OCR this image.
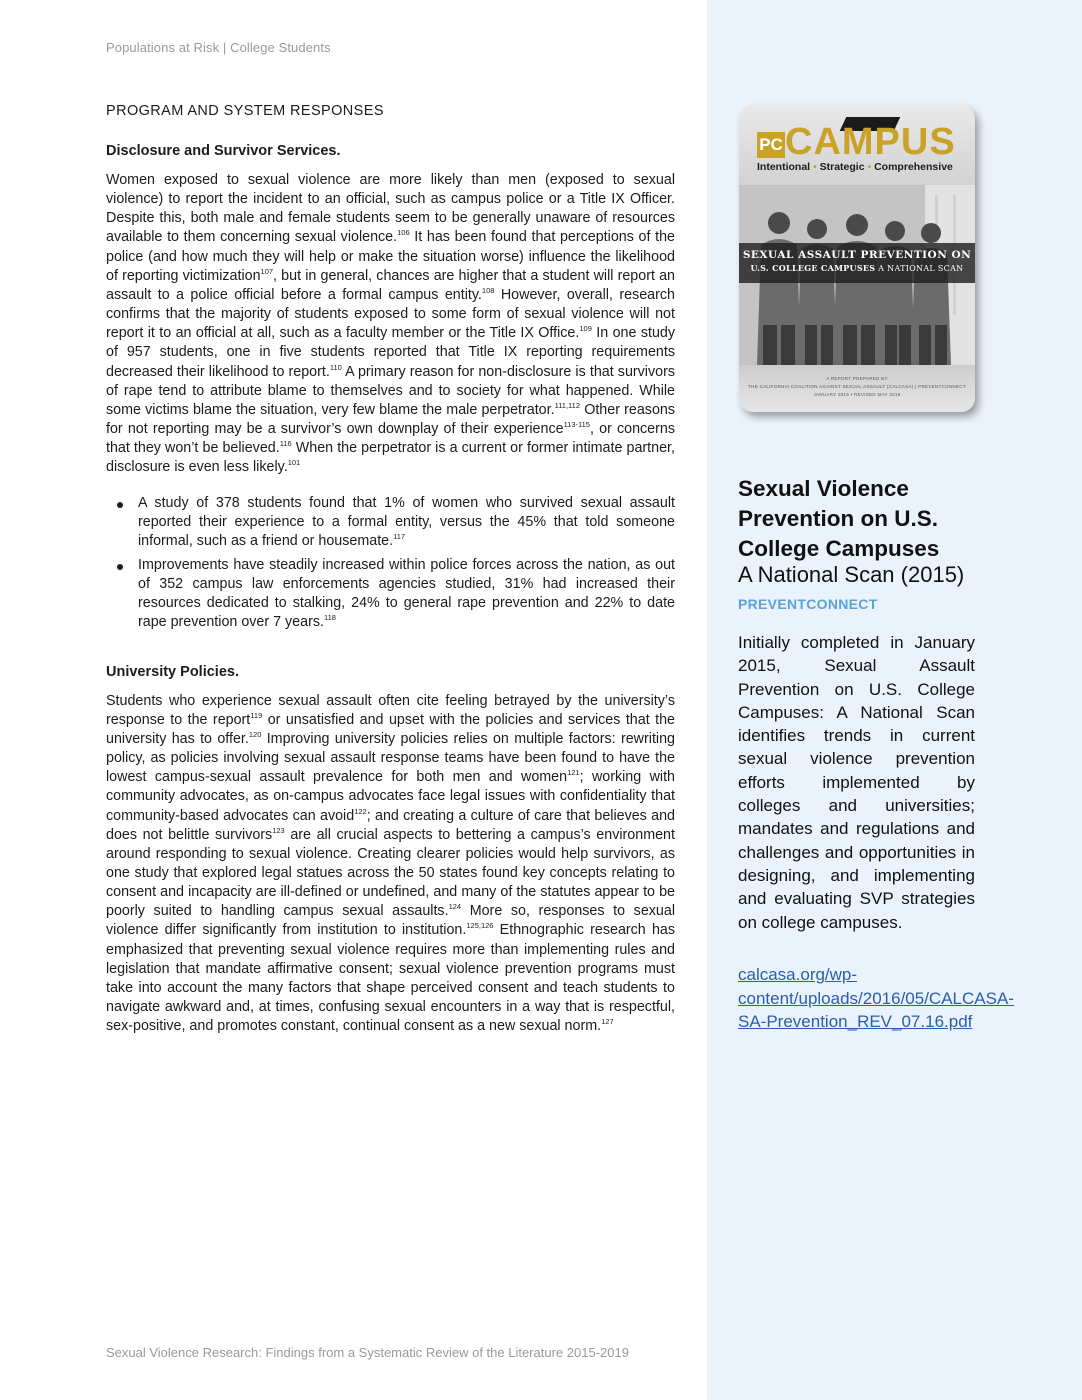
Populations at Risk | College Students
PROGRAM AND SYSTEM RESPONSES
Disclosure and Survivor Services.

Women exposed to sexual violence are more likely than men (exposed to sexual violence) to report the incident to an official, such as campus police or a Title IX Officer. Despite this, both male and female students seem to be generally unaware of resources available to them concerning sexual violence.$^{106}$ It has been found that perceptions of the police (and how much they will help or make the situation worse) influence the likelihood of reporting victimization$^{107}$, but in general, chances are higher that a student will report an assault to a police official before a formal campus entity.$^{108}$ However, overall, research confirms that the majority of students exposed to some form of sexual violence will not report it to an official at all, such as a faculty member or the Title IX Office.$^{109}$ In one study of 957 students, one in five students reported that Title IX reporting requirements decreased their likelihood to report.$^{110}$ A primary reason for non-disclosure is that survivors of rape tend to attribute blame to themselves and to society for what happened. While some victims blame the situation, very few blame the male perpetrator.$^{111,112}$ Other reasons for not reporting may be a survivor’s own downplay of their experience$^{113-115}$, or concerns that they won’t be believed.$^{116}$ When the perpetrator is a current or former intimate partner, disclosure is even less likely.$^{101}$

A study of 378 students found that 1% of women who survived sexual assault reported their experience to a formal entity, versus the 45% that told someone informal, such as a friend or housemate.$^{117}$
Improvements have steadily increased within police forces across the nation, as out of 352 campus law enforcements agencies studied, 31% had increased their resources dedicated to stalking, 24% to general rape prevention and 22% to date rape prevention over 7 years.$^{118}$
University Policies.

Students who experience sexual assault often cite feeling betrayed by the university’s response to the report$^{119}$ or unsatisfied and upset with the policies and services that the university has to offer.$^{120}$ Improving university policies relies on multiple factors: rewriting policy, as policies involving sexual assault response teams have been found to have the lowest campus-sexual assault prevalence for both men and women$^{121}$; working with community advocates, as on-campus advocates face legal issues with confidentiality that community-based advocates can avoid$^{122}$; and creating a culture of care that believes and does not belittle survivors$^{123}$ are all crucial aspects to bettering a campus’s environment around responding to sexual violence. Creating clearer policies would help survivors, as one study that explored legal statues across the 50 states found key concepts relating to consent and incapacity are ill-defined or undefined, and many of the statutes appear to be poorly suited to handling campus sexual assaults.$^{124}$ More so, responses to sexual violence differ significantly from institution to institution.$^{125,126}$ Ethnographic research has emphasized that preventing sexual violence requires more than implementing rules and legislation that mandate affirmative consent; sexual violence prevention programs must take into account the many factors that shape perceived consent and teach students to navigate awkward and, at times, confusing sexual encounters in a way that is respectful, sex-positive, and promotes constant, continual consent as a new sexual norm.$^{127}$

PC CAMPUS
Intentional • Strategic • Comprehensive
SEXUAL ASSAULT PREVENTION ON
U.S. COLLEGE CAMPUSES A NATIONAL SCAN
A REPORT PREPARED BY
THE CALIFORNIA COALITION AGAINST SEXUAL ASSAULT (CALCASA) | PREVENTCONNECT
JANUARY 2015 • REVISED MAY 2016
Sexual Violence Prevention on U.S. College Campuses
A National Scan (2015)
PREVENTCONNECT

Initially completed in January 2015, Sexual Assault Prevention on U.S. College Campuses: A National Scan identifies trends in current sexual violence prevention efforts implemented by colleges and universities; mandates and regulations and challenges and opportunities in designing, and implementing and evaluating SVP strategies on college campuses.

calcasa.org/wp-content/uploads/2016/05/CALCASA-SA-Prevention_REV_07.16.pdf
Sexual Violence Research: Findings from a Systematic Review of the Literature 2015-2019
